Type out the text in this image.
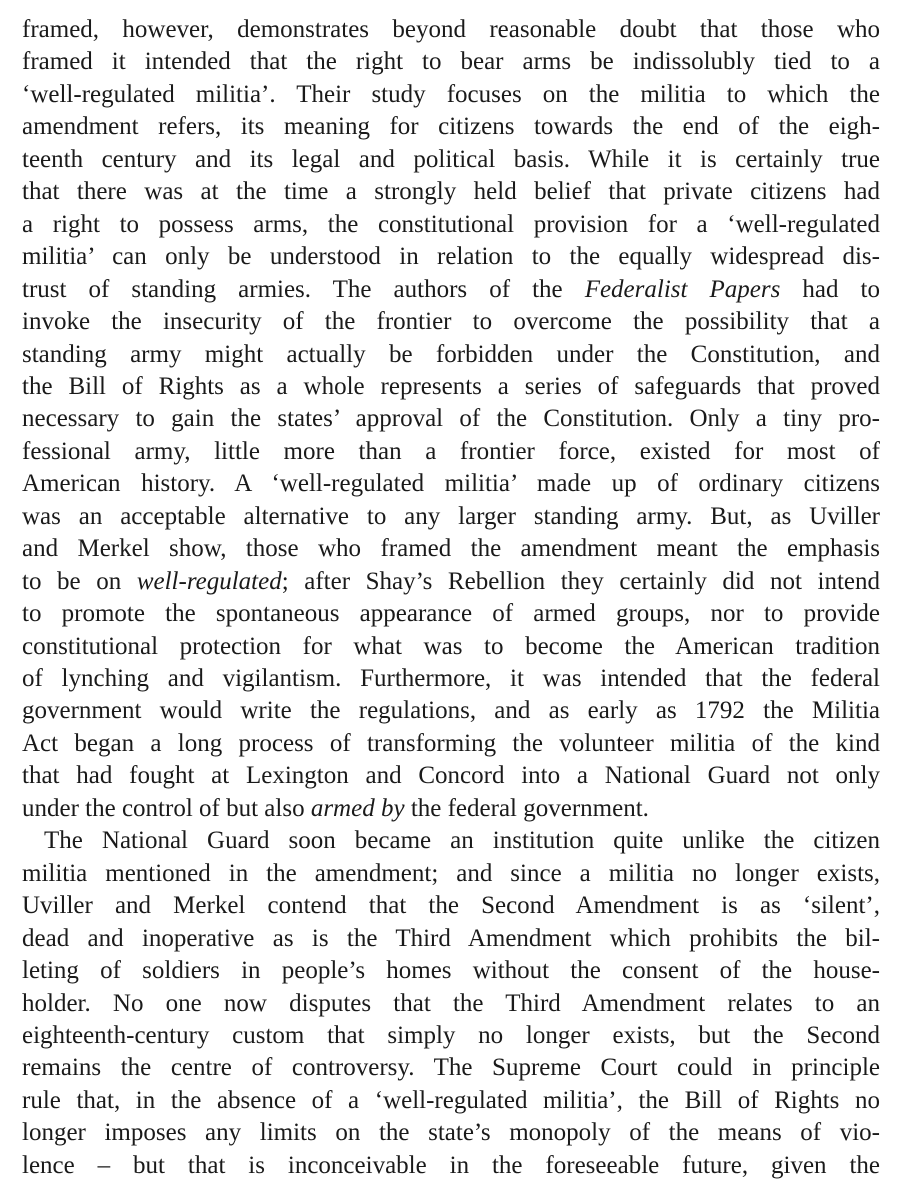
framed, however, demonstrates beyond reasonable doubt that those who
framed it intended that the right to bear arms be indissolubly tied to a
‘well-regulated militia’. Their study focuses on the militia to which the
amendment refers, its meaning for citizens towards the end of the eigh-
teenth century and its legal and political basis. While it is certainly true
that there was at the time a strongly held belief that private citizens had
a right to possess arms, the constitutional provision for a ‘well-regulated
militia’ can only be understood in relation to the equally widespread dis-
trust of standing armies. The authors of the Federalist Papers had to
invoke the insecurity of the frontier to overcome the possibility that a
standing army might actually be forbidden under the Constitution, and
the Bill of Rights as a whole represents a series of safeguards that proved
necessary to gain the states’ approval of the Constitution. Only a tiny pro-
fessional army, little more than a frontier force, existed for most of
American history. A ‘well-regulated militia’ made up of ordinary citizens
was an acceptable alternative to any larger standing army. But, as Uviller
and Merkel show, those who framed the amendment meant the emphasis
to be on well-regulated; after Shay’s Rebellion they certainly did not intend
to promote the spontaneous appearance of armed groups, nor to provide
constitutional protection for what was to become the American tradition
of lynching and vigilantism. Furthermore, it was intended that the federal
government would write the regulations, and as early as 1792 the Militia
Act began a long process of transforming the volunteer militia of the kind
that had fought at Lexington and Concord into a National Guard not only
under the control of but also armed by the federal government.
The National Guard soon became an institution quite unlike the citizen
militia mentioned in the amendment; and since a militia no longer exists,
Uviller and Merkel contend that the Second Amendment is as ‘silent’,
dead and inoperative as is the Third Amendment which prohibits the bil-
leting of soldiers in people’s homes without the consent of the house-
holder. No one now disputes that the Third Amendment relates to an
eighteenth-century custom that simply no longer exists, but the Second
remains the centre of controversy. The Supreme Court could in principle
rule that, in the absence of a ‘well-regulated militia’, the Bill of Rights no
longer imposes any limits on the state’s monopoly of the means of vio-
lence – but that is inconceivable in the foreseeable future, given the
